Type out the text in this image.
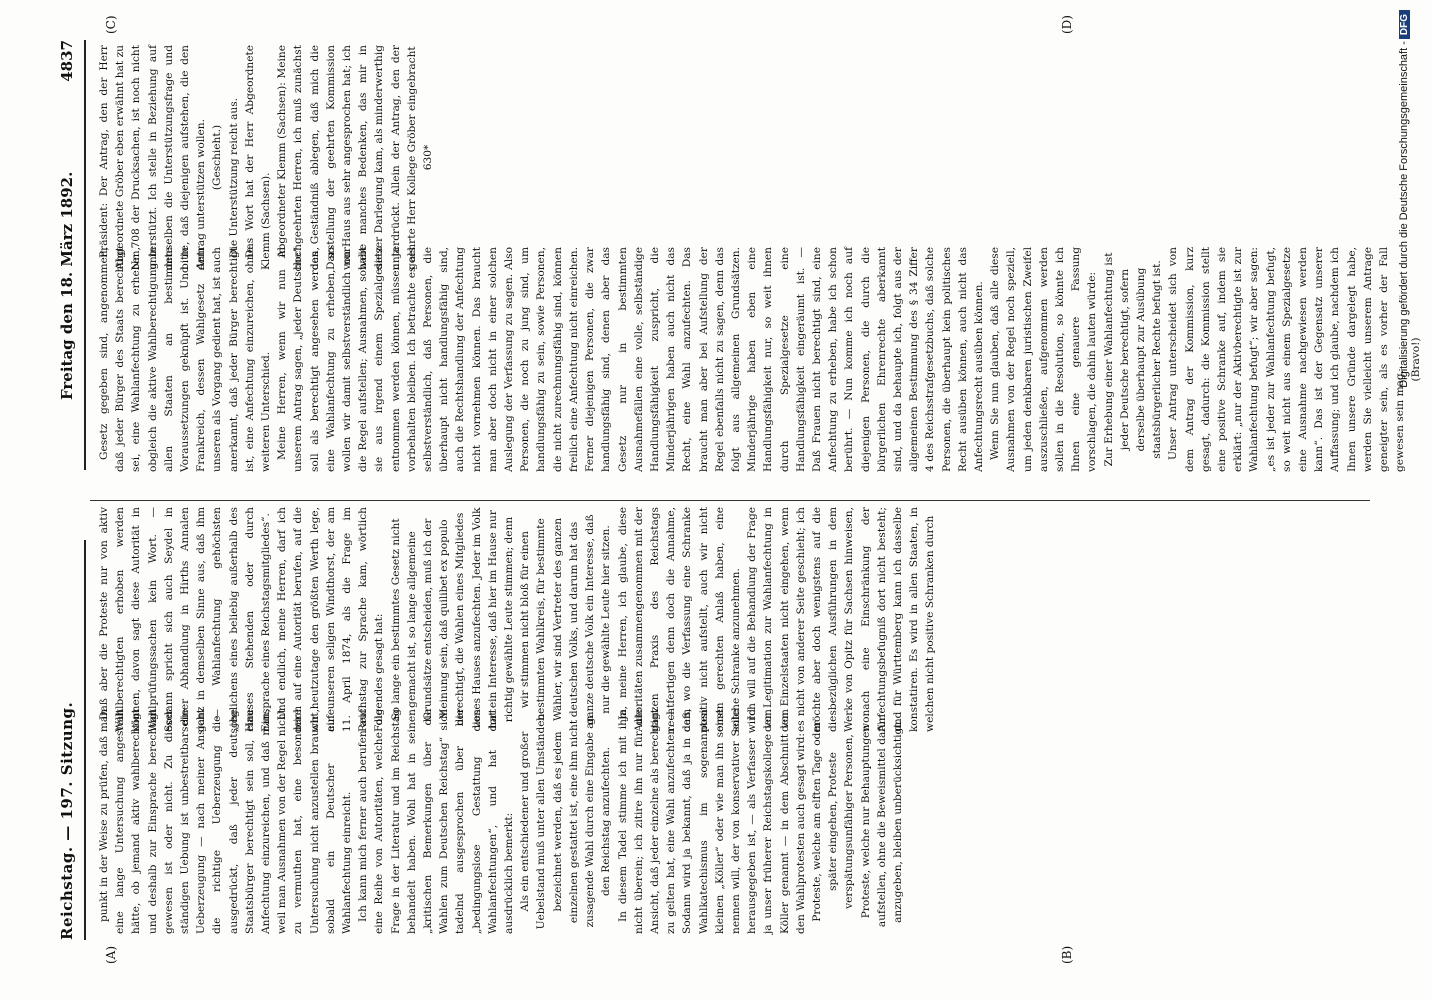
Reichstag. — 197. Sitzung.
Freitag den 18. März 1892.
4837
(A)	(B)
(C)	(D)

punkt in der Weise zu prüfen, daß man eine lange Untersuchung angestellt hätte, ob jemand aktiv wahlberechtigt und deshalb zur Einsprache berechtigt gewesen ist oder nicht. Zu dieser ständigen Uebung ist unbestreitbar die Ueberzeugung — nach meiner Ansicht die richtige Ueberzeugung — ausgedrückt, daß jeder deutsche Staatsbürger berechtigt sein soll, eine Anfechtung einzureichen, und daß man, weil man Ausnahmen von der Regel nicht zu vermuthen hat, eine besondere Untersuchung nicht anzustellen braucht, sobald ein Deutscher eine Wahlanfechtung einreicht. Ich kann mich ferner auch berufen auf eine Reihe von Autoritäten, welche die Frage in der Literatur und im Reichstag behandelt haben. Wohl hat in seinen „kritischen Bemerkungen über die Wahlen zum Deutschen Reichstag“ sich tadelnd ausgesprochen über die „bedingungslose Gestattung von Wahlanfechtungen“, und hat dort ausdrücklich bemerkt: Als ein entschiedener und großer Uebelstand muß unter allen Umständen bezeichnet werden, daß es jedem einzelnen gestattet ist, eine ihm nicht zusagende Wahl durch eine Eingabe an den Reichstag anzufechten. In diesem Tadel stimme ich mit ihm nicht überein; ich zitire ihn nur für die Ansicht, daß jeder einzelne als berechtigt zu gelten hat, eine Wahl anzufechten. — Sodann wird ja bekannt, daß ja in dem Wahlkatechismus im sogenannten kleinen „Köller“ oder wie man ihn sonst nennen will, der von konservativer Seite herausgegeben ist, — als Verfasser wird ja unser früherer Reichstagskollege von Köller genannt — in dem Abschnitt von den Wahlprotesten auch gesagt wird: Proteste, welche am elften Tage oder später eingehen, Proteste verspätungsunfähiger Personen, Proteste, welche nur Behauptungen aufstellen, ohne die Beweismittel dafür anzugeben, bleiben unberücksichtigt.

Daß aber die Proteste nur von aktiv Wahlberechtigten erhoben werden können, davon sagt diese Autorität in Wahlprüfungssachen kein Wort. — Sodann spricht sich auch Seydel in seiner Abhandlung in Hirths Annalen ganz in demselben Sinne aus, daß ihm die Wahlanfechtung gehöchsten „jeglichens eines beliebig außerhalb des Hauses Stehenden oder durch Einsprache eines Reichstagsmitgliedes“. Und endlich, meine Herren, darf ich mich auf eine Autorität berufen, auf die wir heutzutage den größten Werth lege, auf unseren seligen Windthorst, der am 11. April 1874, als die Frage im Reichstag zur Sprache kam, wörtlich Folgendes gesagt hat: So lange ein bestimmtes Gesetz nicht gemacht ist, so lange allgemeine Grundsätze entscheiden, muß ich der Meinung sein, daß quilibet ex populo berechtigt, die Wahlen eines Mitgliedes dieses Hauses anzufechten. Jeder im Volk hat ein Interesse, daß hier im Hause nur richtig gewählte Leute stimmen; denn wir stimmen nicht bloß für einen bestimmten Wahlkreis, für bestimmte Wähler, wir sind Vertreter des ganzen deutschen Volks, und darum hat das ganze deutsche Volk ein Interesse, daß nur die gewählte Leute hier sitzen. Ja, meine Herren, ich glaube, diese Autoritäten zusammengenommen mit der ganzen Praxis des Reichstags rechtfertigen denn doch die Annahme, daß, wo die Verfassung eine Schranke positiv nicht aufstellt, auch wir nicht einen gerechten Anlaß haben, eine solche Schranke anzunehmen. Ich will auf die Behandlung der Frage der Legitimation zur Wahlanfechtung in den Einzelstaaten nicht eingehen, wenn es nicht von anderer Seite geschieht; ich möchte aber doch wenigstens auf die diesbezüglichen Ausführungen in dem Werke von Opitz für Sachsen hinweisen, wonach eine Einschränkung der Anfechtungsbefugniß dort nicht besteht; und für Württemberg kann ich dasselbe konstatiren. Es wird in allen Staaten, in welchen nicht positive Schranken durch

Gesetz gegeben sind, angenommen, daß jeder Bürger des Staats berechtigt sei, eine Wahlanfechtung zu erheben, obgleich die aktive Wahlberechtigung in allen Staaten an bestimmte Voraussetzungen geknüpft ist. Und in Frankreich, dessen Wahlgesetz dem unseren als Vorgang gedient hat, ist auch anerkannt, daß jeder Bürger berechtigt ist, eine Anfechtung einzureichen, ohne weiteren Unterschied. Meine Herren, wenn wir nun in unserem Antrag sagen, „jeder Deutsche“ soll als berechtigt angesehen werden, eine Wahlanfechtung zu erheben, so wollen wir damit selbstverständlich nur die Regel aufstellen; Ausnahmen, soweit sie aus irgend einem Spezialgesetz entnommen werden können, müssen ja vorbehalten bleiben. Ich betrachte es als selbstverständlich, daß Personen, die überhaupt nicht handlungsfähig sind, auch die Rechtshandlung der Anfechtung nicht vornehmen können. Das braucht man aber doch nicht in einer solchen Auslegung der Verfassung zu sagen. Also Personen, die noch zu jung sind, um handlungsfähig zu sein, sowie Personen, die nicht zurechnungsfähig sind, können freilich eine Anfechtung nicht einreichen. Ferner diejenigen Personen, die zwar handlungsfähig sind, denen aber das Gesetz nur in bestimmten Ausnahmefällen eine volle, selbständige Handlungsfähigkeit zuspricht, die Minderjährigen haben auch nicht das Recht, eine Wahl anzufechten. Das braucht man aber bei Aufstellung der Regel ebenfalls nicht zu sagen, denn das folgt aus allgemeinen Grundsätzen. Minderjährige haben eben eine Handlungsfähigkeit nur, so weit ihnen durch Spezialgesetze eine Handlungsfähigkeit eingeräumt ist. — Daß Frauen nicht berechtigt sind, eine Anfechtung zu erheben, habe ich schon berührt. — Nun komme ich noch auf diejenigen Personen, die durch die bürgerlichen Ehrenrechte aberkannt sind, und da behaupte ich, folgt aus der allgemeinen Bestimmung des § 34 Ziffer 4 des Reichsstrafgesetzbuchs, daß solche Personen, die überhaupt kein politisches Recht ausüben können, auch nicht das Anfechtungsrecht ausüben können. Wenn Sie nun glauben, daß alle diese Ausnahmen von der Regel noch speziell, um jeden denkbaren juristischen Zweifel auszuschließen, aufgenommen werden sollen in die Resolution, so könnte ich Ihnen eine genauere Fassung vorschlagen, die dahin lauten würde: Zur Erhebung einer Wahlanfechtung ist jeder Deutsche berechtigt, sofern derselbe überhaupt zur Ausübung staatsbürgerlicher Rechte befugt ist. Unser Antrag unterscheidet sich von dem Antrag der Kommission, kurz gesagt, dadurch: die Kommission stellt eine positive Schranke auf, indem sie erklärt: „nur der Aktivberechtigte ist zur Wahlanfechtung befugt“; wir aber sagen: „es ist jeder zur Wahlanfechtung befugt, so weit nicht aus einem Spezialgesetze eine Ausnahme nachgewiesen werden kann“. Das ist der Gegensatz unserer Auffassung; und ich glaube, nachdem ich Ihnen unsere Gründe dargelegt habe, werden Sie vielleicht unserem Antrage geneigter sein, als es vorher der Fall gewesen sein mag.

(Bravo!)

Präsident: Der Antrag, den der Herr Abgeordnete Gröber eben erwähnt hat zu Nr. 708 der Drucksachen, ist noch nicht unterstützt. Ich stelle in Beziehung auf denselben die Unterstützungsfrage und bitte, daß diejenigen aufstehen, die den Antrag unterstützen wollen. (Geschieht.) Die Unterstützung reicht aus. Das Wort hat der Herr Abgeordnete Klemm (Sachsen). Abgeordneter Klemm (Sachsen): Meine hochgeehrten Herren, ich muß zunächst das Geständniß ablegen, daß mich die Darstellung der geehrten Kommission von Haus aus sehr angesprochen hat; ich habe manches Bedenken, das mir in dieser Darlegung kam, als minderwerthig unterdrückt. Allein der Antrag, den der geehrte Herr Kollege Gröber eingebracht 630*	Digitalisierung gefördert durch die Deutsche Forschungsgemeinschaft -DFG
